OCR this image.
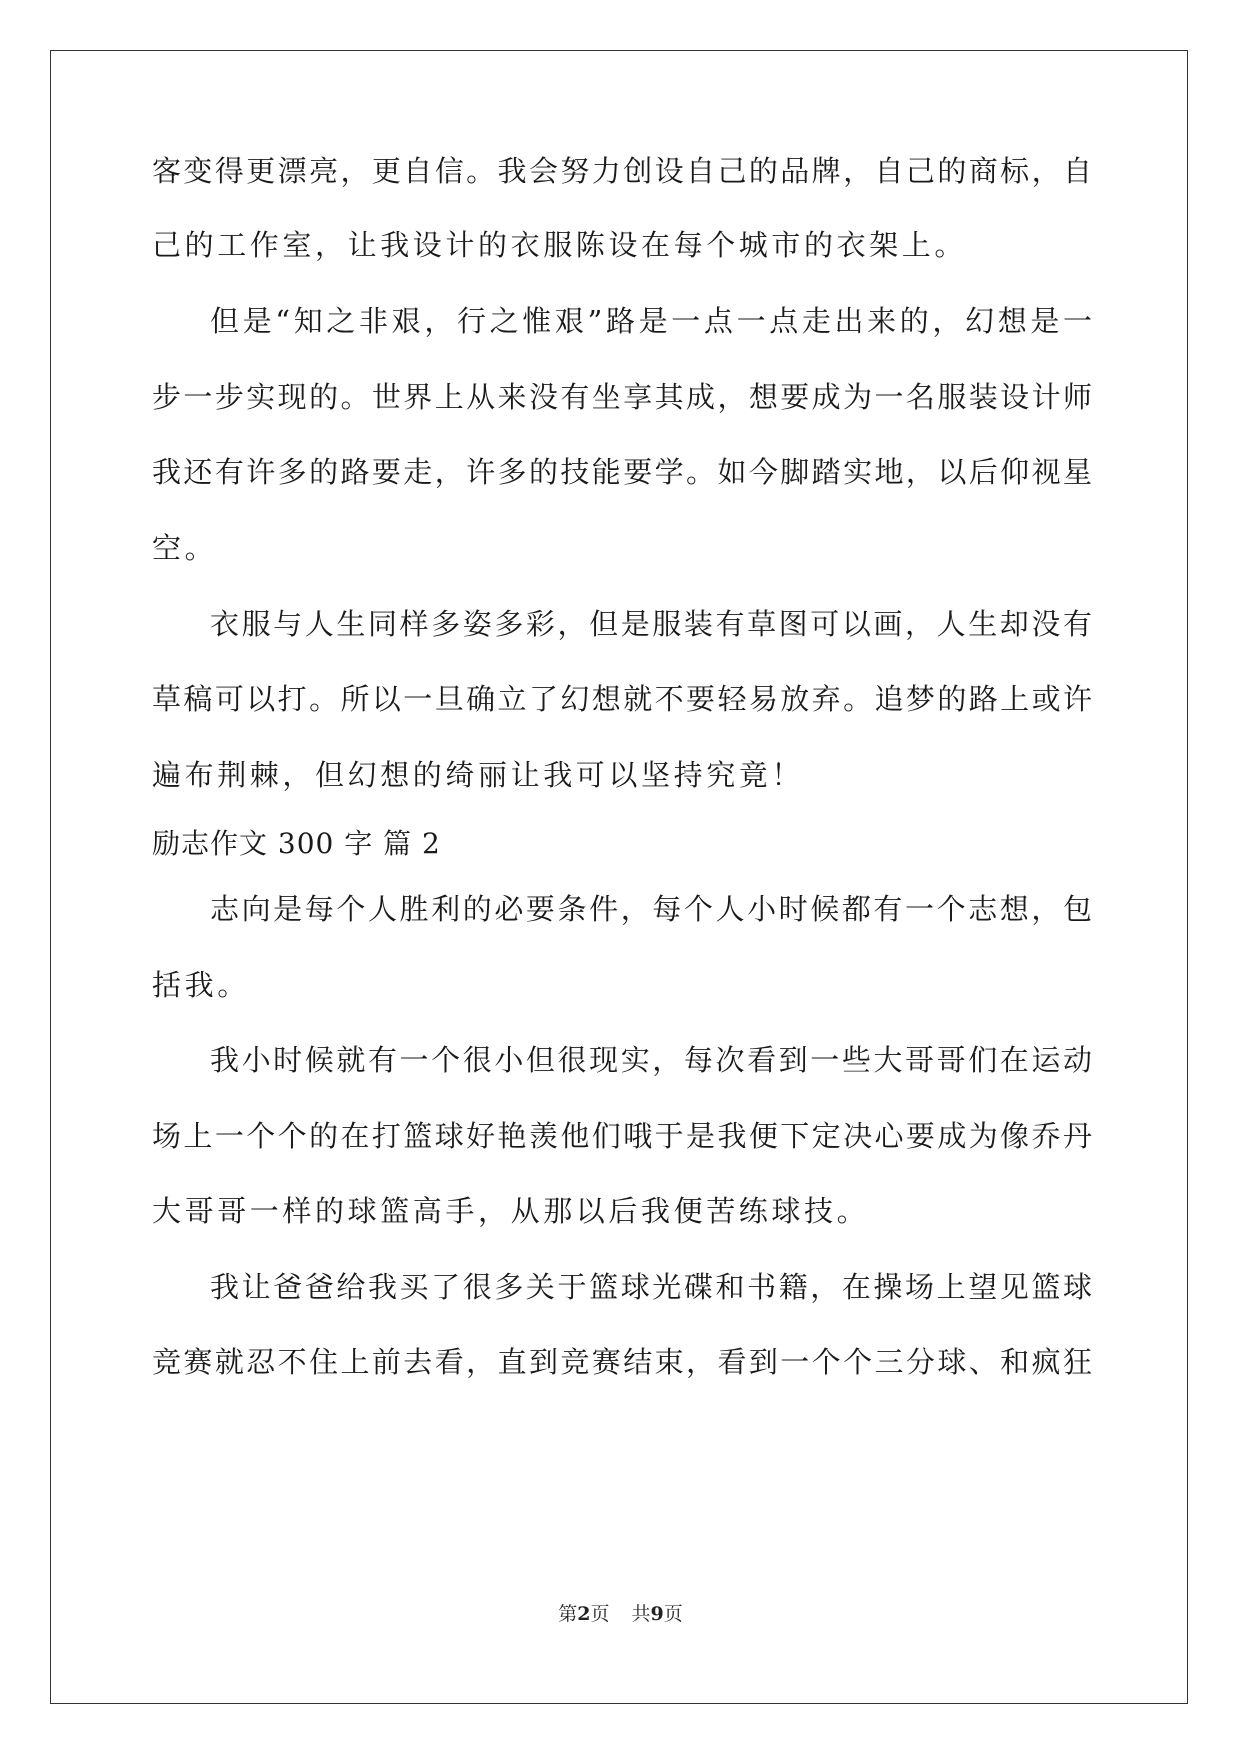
客变得更漂亮，更自信。我会努力创设自己的品牌，自己的商标，自
己的工作室，让我设计的衣服陈设在每个城市的衣架上。
但是“知之非艰，行之惟艰”路是一点一点走出来的，幻想是一
步一步实现的。世界上从来没有坐享其成，想要成为一名服装设计师
我还有许多的路要走，许多的技能要学。如今脚踏实地，以后仰视星
空。
衣服与人生同样多姿多彩，但是服装有草图可以画，人生却没有
草稿可以打。所以一旦确立了幻想就不要轻易放弃。追梦的路上或许
遍布荆棘，但幻想的绮丽让我可以坚持究竟！
励志作文 300 字 篇 2
志向是每个人胜利的必要条件，每个人小时候都有一个志想，包
括我。
我小时候就有一个很小但很现实，每次看到一些大哥哥们在运动
场上一个个的在打篮球好艳羡他们哦于是我便下定决心要成为像乔丹
大哥哥一样的球篮高手，从那以后我便苦练球技。
我让爸爸给我买了很多关于篮球光碟和书籍，在操场上望见篮球
竞赛就忍不住上前去看，直到竞赛结束，看到一个个三分球、和疯狂
第2页 共9页
